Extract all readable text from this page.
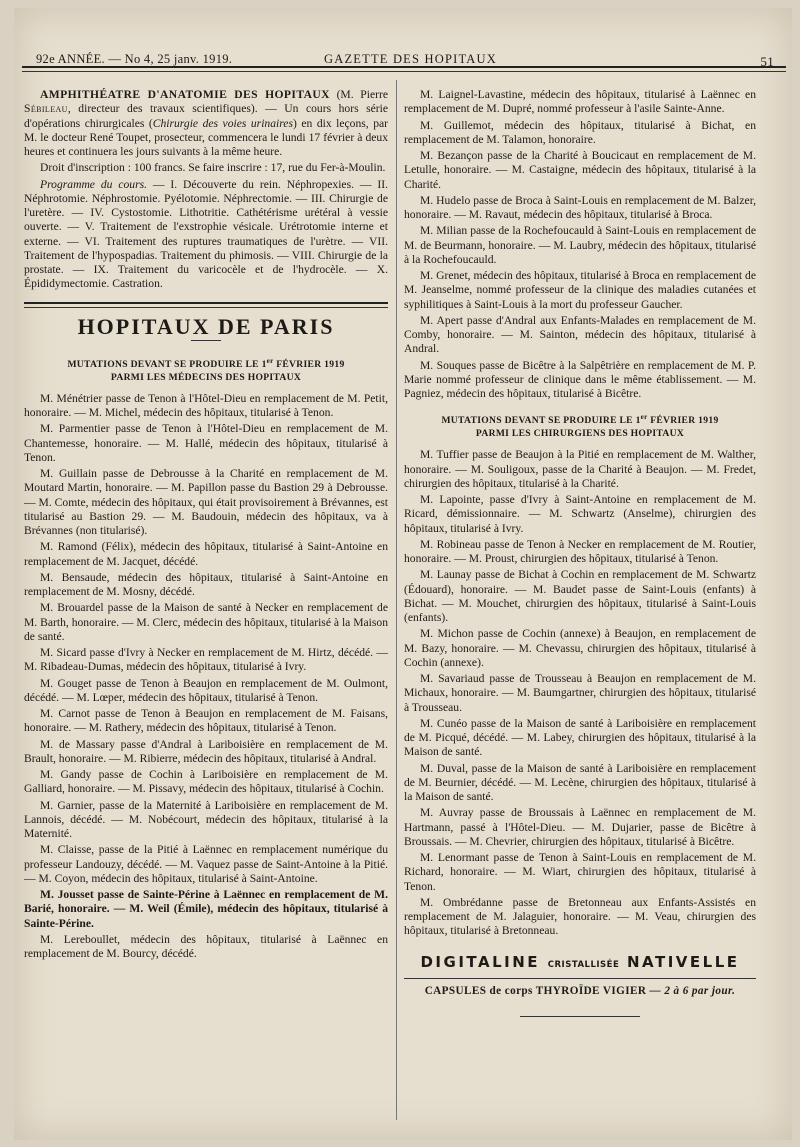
92e ANNÉE. — No 4, 25 janv. 1919.	GAZETTE DES HOPITAUX	51

AMPHITHÉATRE D'ANATOMIE DES HOPITAUX (M. Pierre Sébileau, directeur des travaux scientifiques). — Un cours hors série d'opérations chirurgicales (Chirurgie des voies urinaires) en dix leçons, par M. le docteur René Toupet, prosecteur, commencera le lundi 17 février à deux heures et continuera les jours suivants à la même heure.

Droit d'inscription : 100 francs. Se faire inscrire : 17, rue du Fer-à-Moulin.

Programme du cours. — I. Découverte du rein. Néphropexies. — II. Néphrotomie. Néphrostomie. Pyélotomie. Néphrectomie. — III. Chirurgie de l'uretère. — IV. Cystostomie. Lithotritie. Cathétérisme urétéral à vessie ouverte. — V. Traitement de l'exstrophie vésicale. Urétrotomie interne et externe. — VI. Traitement des ruptures traumatiques de l'urètre. — VII. Traitement de l'hypospadias. Traitement du phimosis. — VIII. Chirurgie de la prostate. — IX. Traitement du varicocèle et de l'hydrocèle. — X. Épididymectomie. Castration.

HOPITAUX DE PARIS
MUTATIONS DEVANT SE PRODUIRE LE 1er FÉVRIER 1919
PARMI LES MÉDECINS DES HOPITAUX

M. Ménétrier passe de Tenon à l'Hôtel-Dieu en remplacement de M. Petit, honoraire. — M. Michel, médecin des hôpitaux, titularisé à Tenon.

M. Parmentier passe de Tenon à l'Hôtel-Dieu en remplacement de M. Chantemesse, honoraire. — M. Hallé, médecin des hôpitaux, titularisé à Tenon.

M. Guillain passe de Debrousse à la Charité en remplacement de M. Moutard Martin, honoraire. — M. Papillon passe du Bastion 29 à Debrousse. — M. Comte, médecin des hôpitaux, qui était provisoirement à Brévannes, est titularisé au Bastion 29. — M. Baudouin, médecin des hôpitaux, va à Brévannes (non titularisé).

M. Ramond (Félix), médecin des hôpitaux, titularisé à Saint-Antoine en remplacement de M. Jacquet, décédé.

M. Bensaude, médecin des hôpitaux, titularisé à Saint-Antoine en remplacement de M. Mosny, décédé.

M. Brouardel passe de la Maison de santé à Necker en remplacement de M. Barth, honoraire. — M. Clerc, médecin des hôpitaux, titularisé à la Maison de santé.

M. Sicard passe d'Ivry à Necker en remplacement de M. Hirtz, décédé. — M. Ribadeau-Dumas, médecin des hôpitaux, titularisé à Ivry.

M. Gouget passe de Tenon à Beaujon en remplacement de M. Oulmont, décédé. — M. Lœper, médecin des hôpitaux, titularisé à Tenon.

M. Carnot passe de Tenon à Beaujon en remplacement de M. Faisans, honoraire. — M. Rathery, médecin des hôpitaux, titularisé à Tenon.

M. de Massary passe d'Andral à Lariboisière en remplacement de M. Brault, honoraire. — M. Ribierre, médecin des hôpitaux, titularisé à Andral.

M. Gandy passe de Cochin à Lariboisière en remplacement de M. Galliard, honoraire. — M. Pissavy, médecin des hôpitaux, titularisé à Cochin.

M. Garnier, passe de la Maternité à Lariboisière en remplacement de M. Lannois, décédé. — M. Nobécourt, médecin des hôpitaux, titularisé à la Maternité.

M. Claisse, passe de la Pitié à Laënnec en remplacement numérique du professeur Landouzy, décédé. — M. Vaquez passe de Saint-Antoine à la Pitié. — M. Coyon, médecin des hôpitaux, titularisé à Saint-Antoine.

M. Jousset passe de Sainte-Périne à Laënnec en remplacement de M. Barié, honoraire. — M. Weil (Émile), médecin des hôpitaux, titularisé à Sainte-Périne.

M. Lereboullet, médecin des hôpitaux, titularisé à Laënnec en remplacement de M. Bourcy, décédé.

M. Laignel-Lavastine, médecin des hôpitaux, titularisé à Laënnec en remplacement de M. Dupré, nommé professeur à l'asile Sainte-Anne.

M. Guillemot, médecin des hôpitaux, titularisé à Bichat, en remplacement de M. Talamon, honoraire.

M. Bezançon passe de la Charité à Boucicaut en remplacement de M. Letulle, honoraire. — M. Castaigne, médecin des hôpitaux, titularisé à la Charité.

M. Hudelo passe de Broca à Saint-Louis en remplacement de M. Balzer, honoraire. — M. Ravaut, médecin des hôpitaux, titularisé à Broca.

M. Milian passe de la Rochefoucauld à Saint-Louis en remplacement de M. de Beurmann, honoraire. — M. Laubry, médecin des hôpitaux, titularisé à la Rochefoucauld.

M. Grenet, médecin des hôpitaux, titularisé à Broca en remplacement de M. Jeanselme, nommé professeur de la clinique des maladies cutanées et syphilitiques à Saint-Louis à la mort du professeur Gaucher.

M. Apert passe d'Andral aux Enfants-Malades en remplacement de M. Comby, honoraire. — M. Sainton, médecin des hôpitaux, titularisé à Andral.

M. Souques passe de Bicêtre à la Salpêtrière en remplacement de M. P. Marie nommé professeur de clinique dans le même établissement. — M. Pagniez, médecin des hôpitaux, titularisé à Bicêtre.

MUTATIONS DEVANT SE PRODUIRE LE 1er FÉVRIER 1919
PARMI LES CHIRURGIENS DES HOPITAUX

M. Tuffier passe de Beaujon à la Pitié en remplacement de M. Walther, honoraire. — M. Souligoux, passe de la Charité à Beaujon. — M. Fredet, chirurgien des hôpitaux, titularisé à la Charité.

M. Lapointe, passe d'Ivry à Saint-Antoine en remplacement de M. Ricard, démissionnaire. — M. Schwartz (Anselme), chirurgien des hôpitaux, titularisé à Ivry.

M. Robineau passe de Tenon à Necker en remplacement de M. Routier, honoraire. — M. Proust, chirurgien des hôpitaux, titularisé à Tenon.

M. Launay passe de Bichat à Cochin en remplacement de M. Schwartz (Édouard), honoraire. — M. Baudet passe de Saint-Louis (enfants) à Bichat. — M. Mouchet, chirurgien des hôpitaux, titularisé à Saint-Louis (enfants).

M. Michon passe de Cochin (annexe) à Beaujon, en remplacement de M. Bazy, honoraire. — M. Chevassu, chirurgien des hôpitaux, titularisé à Cochin (annexe).

M. Savariaud passe de Trousseau à Beaujon en remplacement de M. Michaux, honoraire. — M. Baumgartner, chirurgien des hôpitaux, titularisé à Trousseau.

M. Cunéo passe de la Maison de santé à Lariboisière en remplacement de M. Picqué, décédé. — M. Labey, chirurgien des hôpitaux, titularisé à la Maison de santé.

M. Duval, passe de la Maison de santé à Lariboisière en remplacement de M. Beurnier, décédé. — M. Lecène, chirurgien des hôpitaux, titularisé à la Maison de santé.

M. Auvray passe de Broussais à Laënnec en remplacement de M. Hartmann, passé à l'Hôtel-Dieu. — M. Dujarier, passe de Bicêtre à Broussais. — M. Chevrier, chirurgien des hôpitaux, titularisé à Bicêtre.

M. Lenormant passe de Tenon à Saint-Louis en remplacement de M. Richard, honoraire. — M. Wiart, chirurgien des hôpitaux, titularisé à Tenon.

M. Ombrédanne passe de Bretonneau aux Enfants-Assistés en remplacement de M. Jalaguier, honoraire. — M. Veau, chirurgien des hôpitaux, titularisé à Bretonneau.

DIGITALINE CRISTALLISÉE NATIVELLE
CAPSULES de corps THYROÏDE VIGIER — 2 à 6 par jour.
